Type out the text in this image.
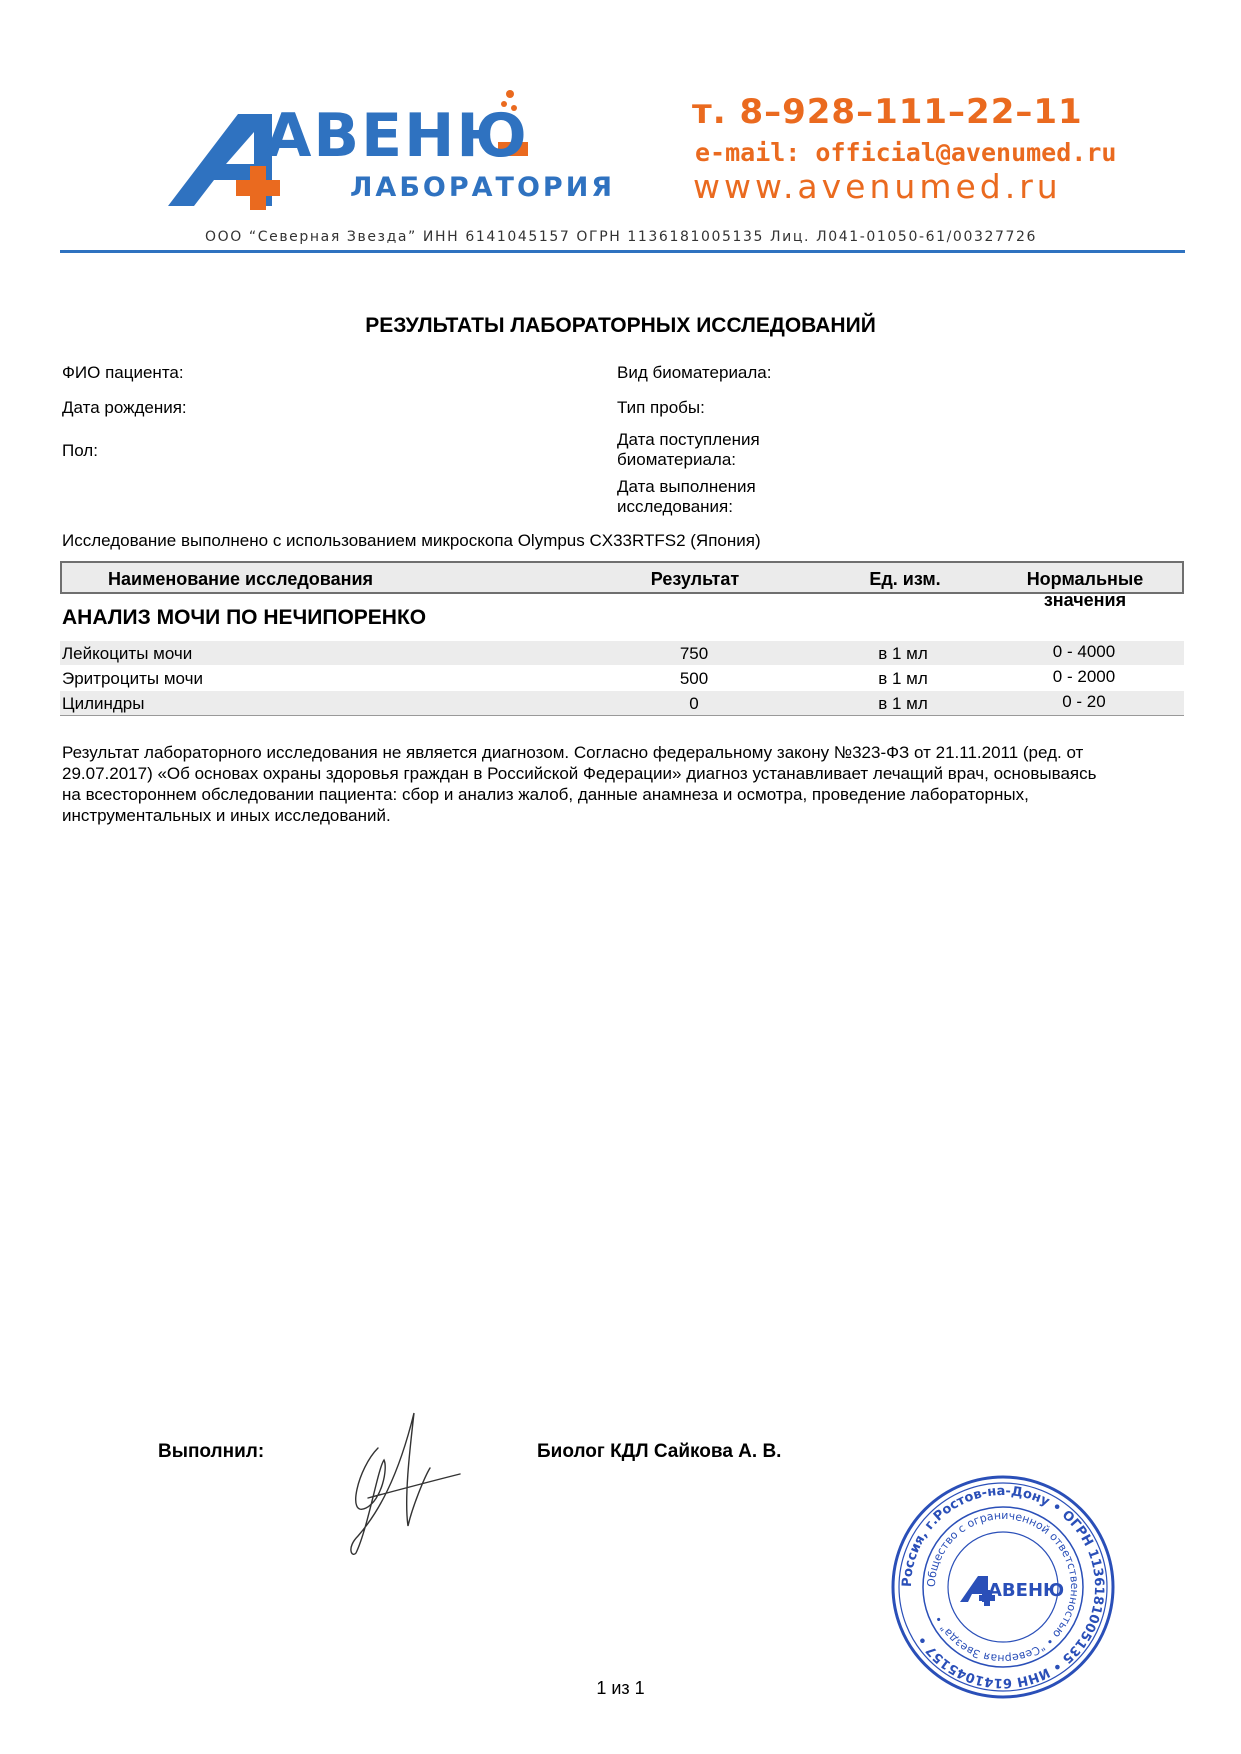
АВЕНЮ
ЛАБОРАТОРИЯ
т. 8–928–111–22–11
e-mail: official@avenumed.ru
www.avenumed.ru
ООО “Северная Звезда” ИНН 6141045157 ОГРН 1136181005135 Лиц. Л041-01050-61/00327726
РЕЗУЛЬТАТЫ ЛАБОРАТОРНЫХ ИССЛЕДОВАНИЙ
ФИО пациента:
Дата рождения:
Пол:
Вид биоматериала:
Тип пробы:
Дата поступления
биоматериала:
Дата выполнения
исследования:
Исследование выполнено с использованием микроскопа Olympus CX33RTFS2 (Япония)
Наименование исследования	Результат	Ед. изм.	Нормальные значения
АНАЛИЗ МОЧИ ПО НЕЧИПОРЕНКО
Лейкоциты мочи	750	в 1 мл	0 - 4000
Эритроциты мочи	500	в 1 мл	0 - 2000
Цилиндры	0	в 1 мл	0 - 20
Результат лабораторного исследования не является диагнозом. Согласно федеральному закону №323-ФЗ от 21.11.2011 (ред. от
29.07.2017) «Об основах охраны здоровья граждан в Российской Федерации» диагноз устанавливает лечащий врач, основываясь
на всестороннем обследовании пациента: сбор и анализ жалоб, данные анамнеза и осмотра, проведение лабораторных,
инструментальных и иных исследований.
Выполнил:	Биолог КДЛ Сайкова А. В.
Россия, г.Ростов-на-Дону • ОГРН 1136181005135 • ИНН 6141045157 •
Общество с ограниченной ответственностью • "Северная Звезда" •
АВЕНЮ
1 из 1
